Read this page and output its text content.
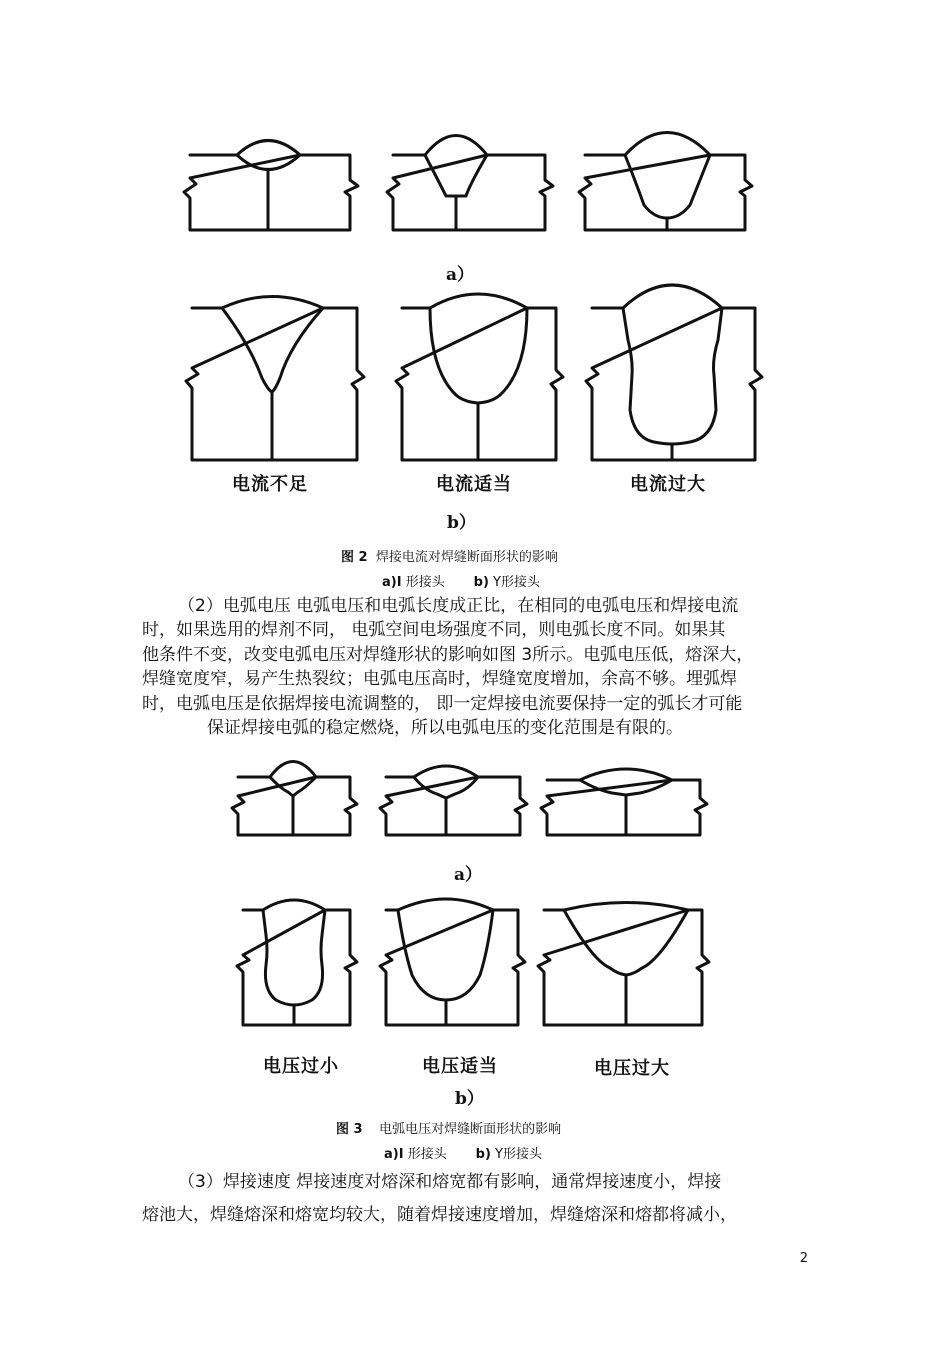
a）
电流不足	电流适当	电流过大
b）
图 2 焊接电流对焊缝断面形状的影响
a)I 形接头 b) Y形接头
（2）电弧电压 电弧电压和电弧长度成正比，在相同的电弧电压和焊接电流
时，如果选用的焊剂不同， 电弧空间电场强度不同，则电弧长度不同。如果其
他条件不变，改变电弧电压对焊缝形状的影响如图 3所示。电弧电压低，熔深大，
焊缝宽度窄，易产生热裂纹；电弧电压高时，焊缝宽度增加，余高不够。埋弧焊
时，电弧电压是依据焊接电流调整的， 即一定焊接电流要保持一定的弧长才可能
保证焊接电弧的稳定燃烧，所以电弧电压的变化范围是有限的。
a）
电压过小	电压适当	电压过大
b）
图 3 电弧电压对焊缝断面形状的影响
a)I 形接头 b) Y形接头
（3）焊接速度 焊接速度对熔深和熔宽都有影响，通常焊接速度小，焊接
熔池大，焊缝熔深和熔宽均较大，随着焊接速度增加，焊缝熔深和熔都将减小，
2
